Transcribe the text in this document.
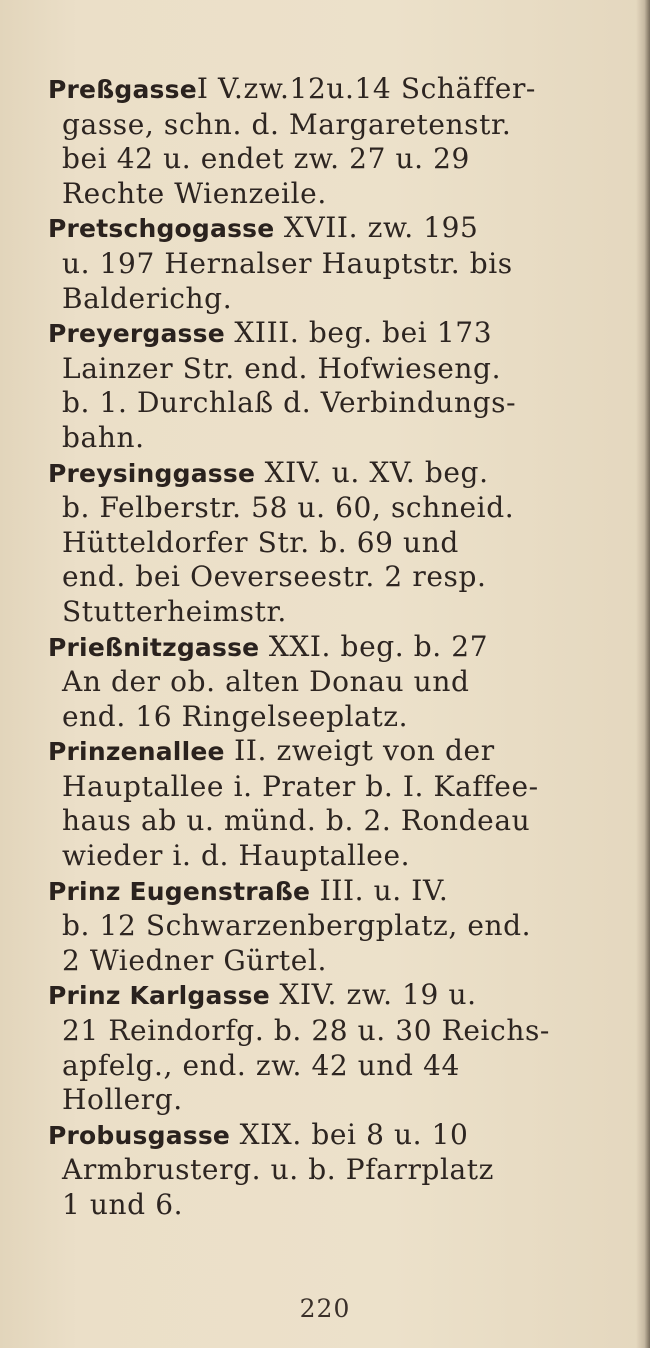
PreßgasseI V.zw.12u.14 Schäffer-
gasse, schn. d. Margaretenstr.
bei 42 u. endet zw. 27 u. 29
Rechte Wienzeile.
Pretschgogasse XVII. zw. 195
u. 197 Hernalser Hauptstr. bis
Balderichg.
Preyergasse XIII. beg. bei 173
Lainzer Str. end. Hofwieseng.
b. 1. Durchlaß d. Verbindungs-
bahn.
Preysinggasse XIV. u. XV. beg.
b. Felberstr. 58 u. 60, schneid.
Hütteldorfer Str. b. 69 und
end. bei Oeverseestr. 2 resp.
Stutterheimstr.
Prießnitzgasse XXI. beg. b. 27
An der ob. alten Donau und
end. 16 Ringelseeplatz.
Prinzenallee II. zweigt von der
Hauptallee i. Prater b. I. Kaffee-
haus ab u. münd. b. 2. Rondeau
wieder i. d. Hauptallee.
Prinz Eugenstraße III. u. IV.
b. 12 Schwarzenbergplatz, end.
2 Wiedner Gürtel.
Prinz Karlgasse XIV. zw. 19 u.
21 Reindorfg. b. 28 u. 30 Reichs-
apfelg., end. zw. 42 und 44
Hollerg.
Probusgasse XIX. bei 8 u. 10
Armbrusterg. u. b. Pfarrplatz
1 und 6.
220
